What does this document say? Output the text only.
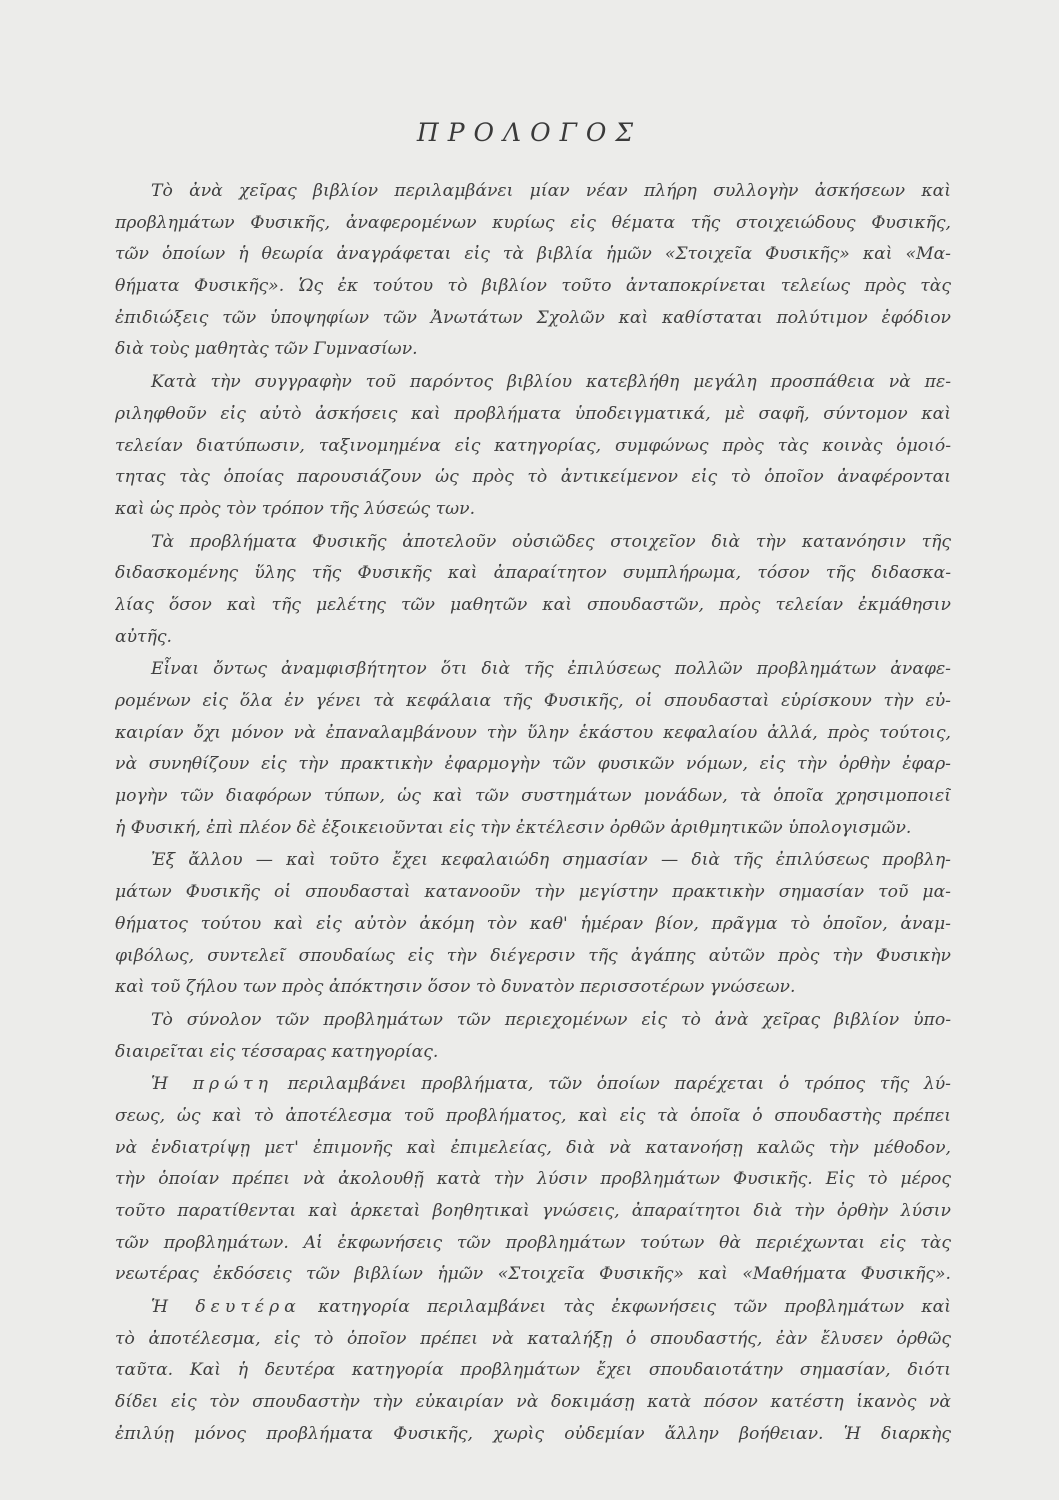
ΠΡΟΛΟΓΟΣ
Τὸ ἀνὰ χεῖρας βιβλίον περιλαμβάνει μίαν νέαν πλήρη συλλογὴν ἀσκήσεων καὶ
προβλημάτων Φυσικῆς, ἀναφερομένων κυρίως εἰς θέματα τῆς στοιχειώδους Φυσικῆς,
τῶν ὁποίων ἡ θεωρία ἀναγράφεται εἰς τὰ βιβλία ἡμῶν «Στοιχεῖα Φυσικῆς» καὶ «Μα-
θήματα Φυσικῆς». Ὡς ἐκ τούτου τὸ βιβλίον τοῦτο ἀνταποκρίνεται τελείως πρὸς τὰς
ἐπιδιώξεις τῶν ὑποψηφίων τῶν Ἀνωτάτων Σχολῶν καὶ καθίσταται πολύτιμον ἐφόδιον
διὰ τοὺς μαθητὰς τῶν Γυμνασίων.
Κατὰ τὴν συγγραφὴν τοῦ παρόντος βιβλίου κατεβλήθη μεγάλη προσπάθεια νὰ πε-
ριληφθοῦν εἰς αὐτὸ ἀσκήσεις καὶ προβλήματα ὑποδειγματικά, μὲ σαφῆ, σύντομον καὶ
τελείαν διατύπωσιν, ταξινομημένα εἰς κατηγορίας, συμφώνως πρὸς τὰς κοινὰς ὁμοιό-
τητας τὰς ὁποίας παρουσιάζουν ὡς πρὸς τὸ ἀντικείμενον εἰς τὸ ὁποῖον ἀναφέρονται
καὶ ὡς πρὸς τὸν τρόπον τῆς λύσεώς των.
Τὰ προβλήματα Φυσικῆς ἀποτελοῦν οὐσιῶδες στοιχεῖον διὰ τὴν κατανόησιν τῆς
διδασκομένης ὕλης τῆς Φυσικῆς καὶ ἀπαραίτητον συμπλήρωμα, τόσον τῆς διδασκα-
λίας ὅσον καὶ τῆς μελέτης τῶν μαθητῶν καὶ σπουδαστῶν, πρὸς τελείαν ἐκμάθησιν
αὐτῆς.
Εἶναι ὄντως ἀναμφισβήτητον ὅτι διὰ τῆς ἐπιλύσεως πολλῶν προβλημάτων ἀναφε-
ρομένων εἰς ὅλα ἐν γένει τὰ κεφάλαια τῆς Φυσικῆς, οἱ σπουδασταὶ εὑρίσκουν τὴν εὐ-
καιρίαν ὄχι μόνον νὰ ἐπαναλαμβάνουν τὴν ὕλην ἑκάστου κεφαλαίου ἀλλά, πρὸς τούτοις,
νὰ συνηθίζουν εἰς τὴν πρακτικὴν ἐφαρμογὴν τῶν φυσικῶν νόμων, εἰς τὴν ὀρθὴν ἐφαρ-
μογὴν τῶν διαφόρων τύπων, ὡς καὶ τῶν συστημάτων μονάδων, τὰ ὁποῖα χρησιμοποιεῖ
ἡ Φυσική, ἐπὶ πλέον δὲ ἐξοικειοῦνται εἰς τὴν ἐκτέλεσιν ὀρθῶν ἀριθμητικῶν ὑπολογισμῶν.
Ἐξ ἄλλου — καὶ τοῦτο ἔχει κεφαλαιώδη σημασίαν — διὰ τῆς ἐπιλύσεως προβλη-
μάτων Φυσικῆς οἱ σπουδασταὶ κατανοοῦν τὴν μεγίστην πρακτικὴν σημασίαν τοῦ μα-
θήματος τούτου καὶ εἰς αὐτὸν ἀκόμη τὸν καθ' ἡμέραν βίον, πρᾶγμα τὸ ὁποῖον, ἀναμ-
φιβόλως, συντελεῖ σπουδαίως εἰς τὴν διέγερσιν τῆς ἀγάπης αὐτῶν πρὸς τὴν Φυσικὴν
καὶ τοῦ ζήλου των πρὸς ἀπόκτησιν ὅσον τὸ δυνατὸν περισσοτέρων γνώσεων.
Τὸ σύνολον τῶν προβλημάτων τῶν περιεχομένων εἰς τὸ ἀνὰ χεῖρας βιβλίον ὑπο-
διαιρεῖται εἰς τέσσαρας κατηγορίας.
Ἡ πρώτη περιλαμβάνει προβλήματα, τῶν ὁποίων παρέχεται ὁ τρόπος τῆς λύ-
σεως, ὡς καὶ τὸ ἀποτέλεσμα τοῦ προβλήματος, καὶ εἰς τὰ ὁποῖα ὁ σπουδαστὴς πρέπει
νὰ ἐνδιατρίψῃ μετ' ἐπιμονῆς καὶ ἐπιμελείας, διὰ νὰ κατανοήσῃ καλῶς τὴν μέθοδον,
τὴν ὁποίαν πρέπει νὰ ἀκολουθῇ κατὰ τὴν λύσιν προβλημάτων Φυσικῆς. Εἰς τὸ μέρος
τοῦτο παρατίθενται καὶ ἀρκεταὶ βοηθητικαὶ γνώσεις, ἀπαραίτητοι διὰ τὴν ὀρθὴν λύσιν
τῶν προβλημάτων. Αἱ ἐκφωνήσεις τῶν προβλημάτων τούτων θὰ περιέχωνται εἰς τὰς
νεωτέρας ἐκδόσεις τῶν βιβλίων ἡμῶν «Στοιχεῖα Φυσικῆς» καὶ «Μαθήματα Φυσικῆς».
Ἡ δευτέρα κατηγορία περιλαμβάνει τὰς ἐκφωνήσεις τῶν προβλημάτων καὶ
τὸ ἀποτέλεσμα, εἰς τὸ ὁποῖον πρέπει νὰ καταλήξῃ ὁ σπουδαστής, ἐὰν ἔλυσεν ὀρθῶς
ταῦτα. Καὶ ἡ δευτέρα κατηγορία προβλημάτων ἔχει σπουδαιοτάτην σημασίαν, διότι
δίδει εἰς τὸν σπουδαστὴν τὴν εὐκαιρίαν νὰ δοκιμάσῃ κατὰ πόσον κατέστη ἱκανὸς νὰ
ἐπιλύῃ μόνος προβλήματα Φυσικῆς, χωρὶς οὐδεμίαν ἄλλην βοήθειαν. Ἡ διαρκὴς
